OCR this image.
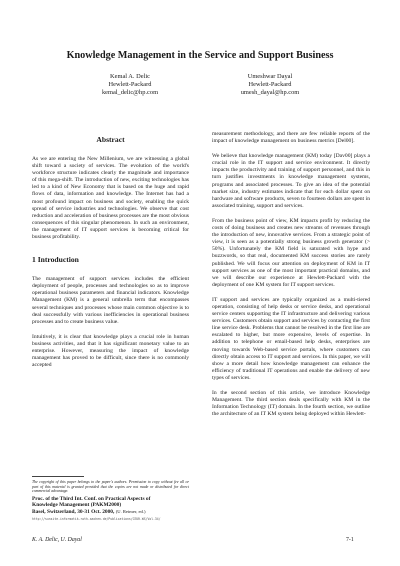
Knowledge Management in the Service and Support Business
Kemal A. Delic
Hewlett-Packard
kemal_delic@hp.com
Umeshwar Dayal
Hewlett-Packard
umesh_dayal@hp.com
Abstract

As we are entering the New Millenium, we are witnessing a global shift toward a society of services. The evolution of the world's workforce structure indicates clearly the magnitude and importance of this mega-shift. The introduction of new, exciting technologies has led to a kind of New Economy that is based on the huge and rapid flows of data, information and knowledge. The Internet has had a most profound impact on business and society, enabling the quick spread of service industries and technologies. We observe that cost reduction and acceleration of business processes are the most obvious consequences of this singular phenomenon. In such an environment, the management of IT support services is becoming critical for business profitability.

1 Introduction

The management of support services includes the efficient deployment of people, processes and technologies so as to improve operational business parameters and financial indicators. Knowledge Management (KM) is a general umbrella term that encompasses several techniques and processes whose main common objective is to deal successfully with various inefficiencies in operational business processes and to create business value.

Intuitively, it is clear that knowledge plays a crucial role in human business activities, and that it has significant monetary value to an enterprise. However, measuring the impact of knowledge management has proved to be difficult, since there is no commonly accepted

The copyright of this paper belongs to the paper's authors. Permission to copy without fee all or part of this material is granted provided that the copies are not made or distributed for direct commercial advantage.

Proc. of the Third Int. Conf. on Practical Aspects of

Knowledge Management (PAKM2000)

Basel, Switzerland, 30-31 Oct. 2000, (U. Reimer, ed.)

http://sunsite.informatik.rwth-aachen.de/Publications/CEUR-WS/Vol-34/

measurement methodology, and there are few reliable reports of the impact of knowledge management on business metrics [Del00].

We believe that knowledge management (KM) today [Dav00] plays a crucial role in the IT support and service environment. It directly impacts the productivity and training of support personnel, and this in turn justifies investments in knowledge management systems, programs and associated processes. To give an idea of the potential market size, industry estimates indicate that for each dollar spent on hardware and software products, seven to fourteen dollars are spent in associated training, support and services.

From the business point of view, KM impacts profit by reducing the costs of doing business and creates new streams of revenues through the introduction of new, innovative services. From a strategic point of view, it is seen as a potentially strong business growth generator (> 50%). Unfortunately the KM field is saturated with hype and buzzwords, so that real, documented KM success stories are rarely published. We will focus our attention on deployment of KM in IT support services as one of the most important practical domains, and we will describe our experience at Hewlett-Packard with the deployment of one KM system for IT support services.

IT support and services are typically organized as a multi-tiered operation, consisting of help desks or service desks, and operational service centers supporting the IT infrastructure and delivering various services. Customers obtain support and services by contacting the first line service desk. Problems that cannot be resolved in the first line are escalated to higher, but more expensive, levels of expertise. In addition to telephone or email-based help desks, enterprises are moving towards Web-based service portals, where customers can directly obtain access to IT support and services. In this paper, we will show a more detail how knowledge management can enhance the efficiency of traditional IT operations and enable the delivery of new types of services.

In the second section of this article, we introduce Knowledge Management. The third section deals specifically with KM in the Information Technology (IT) domain. In the fourth section, we outline the architecture of an IT KM system being deployed within Hewlett-

K. A. Delic, U. Dayal	7-1
